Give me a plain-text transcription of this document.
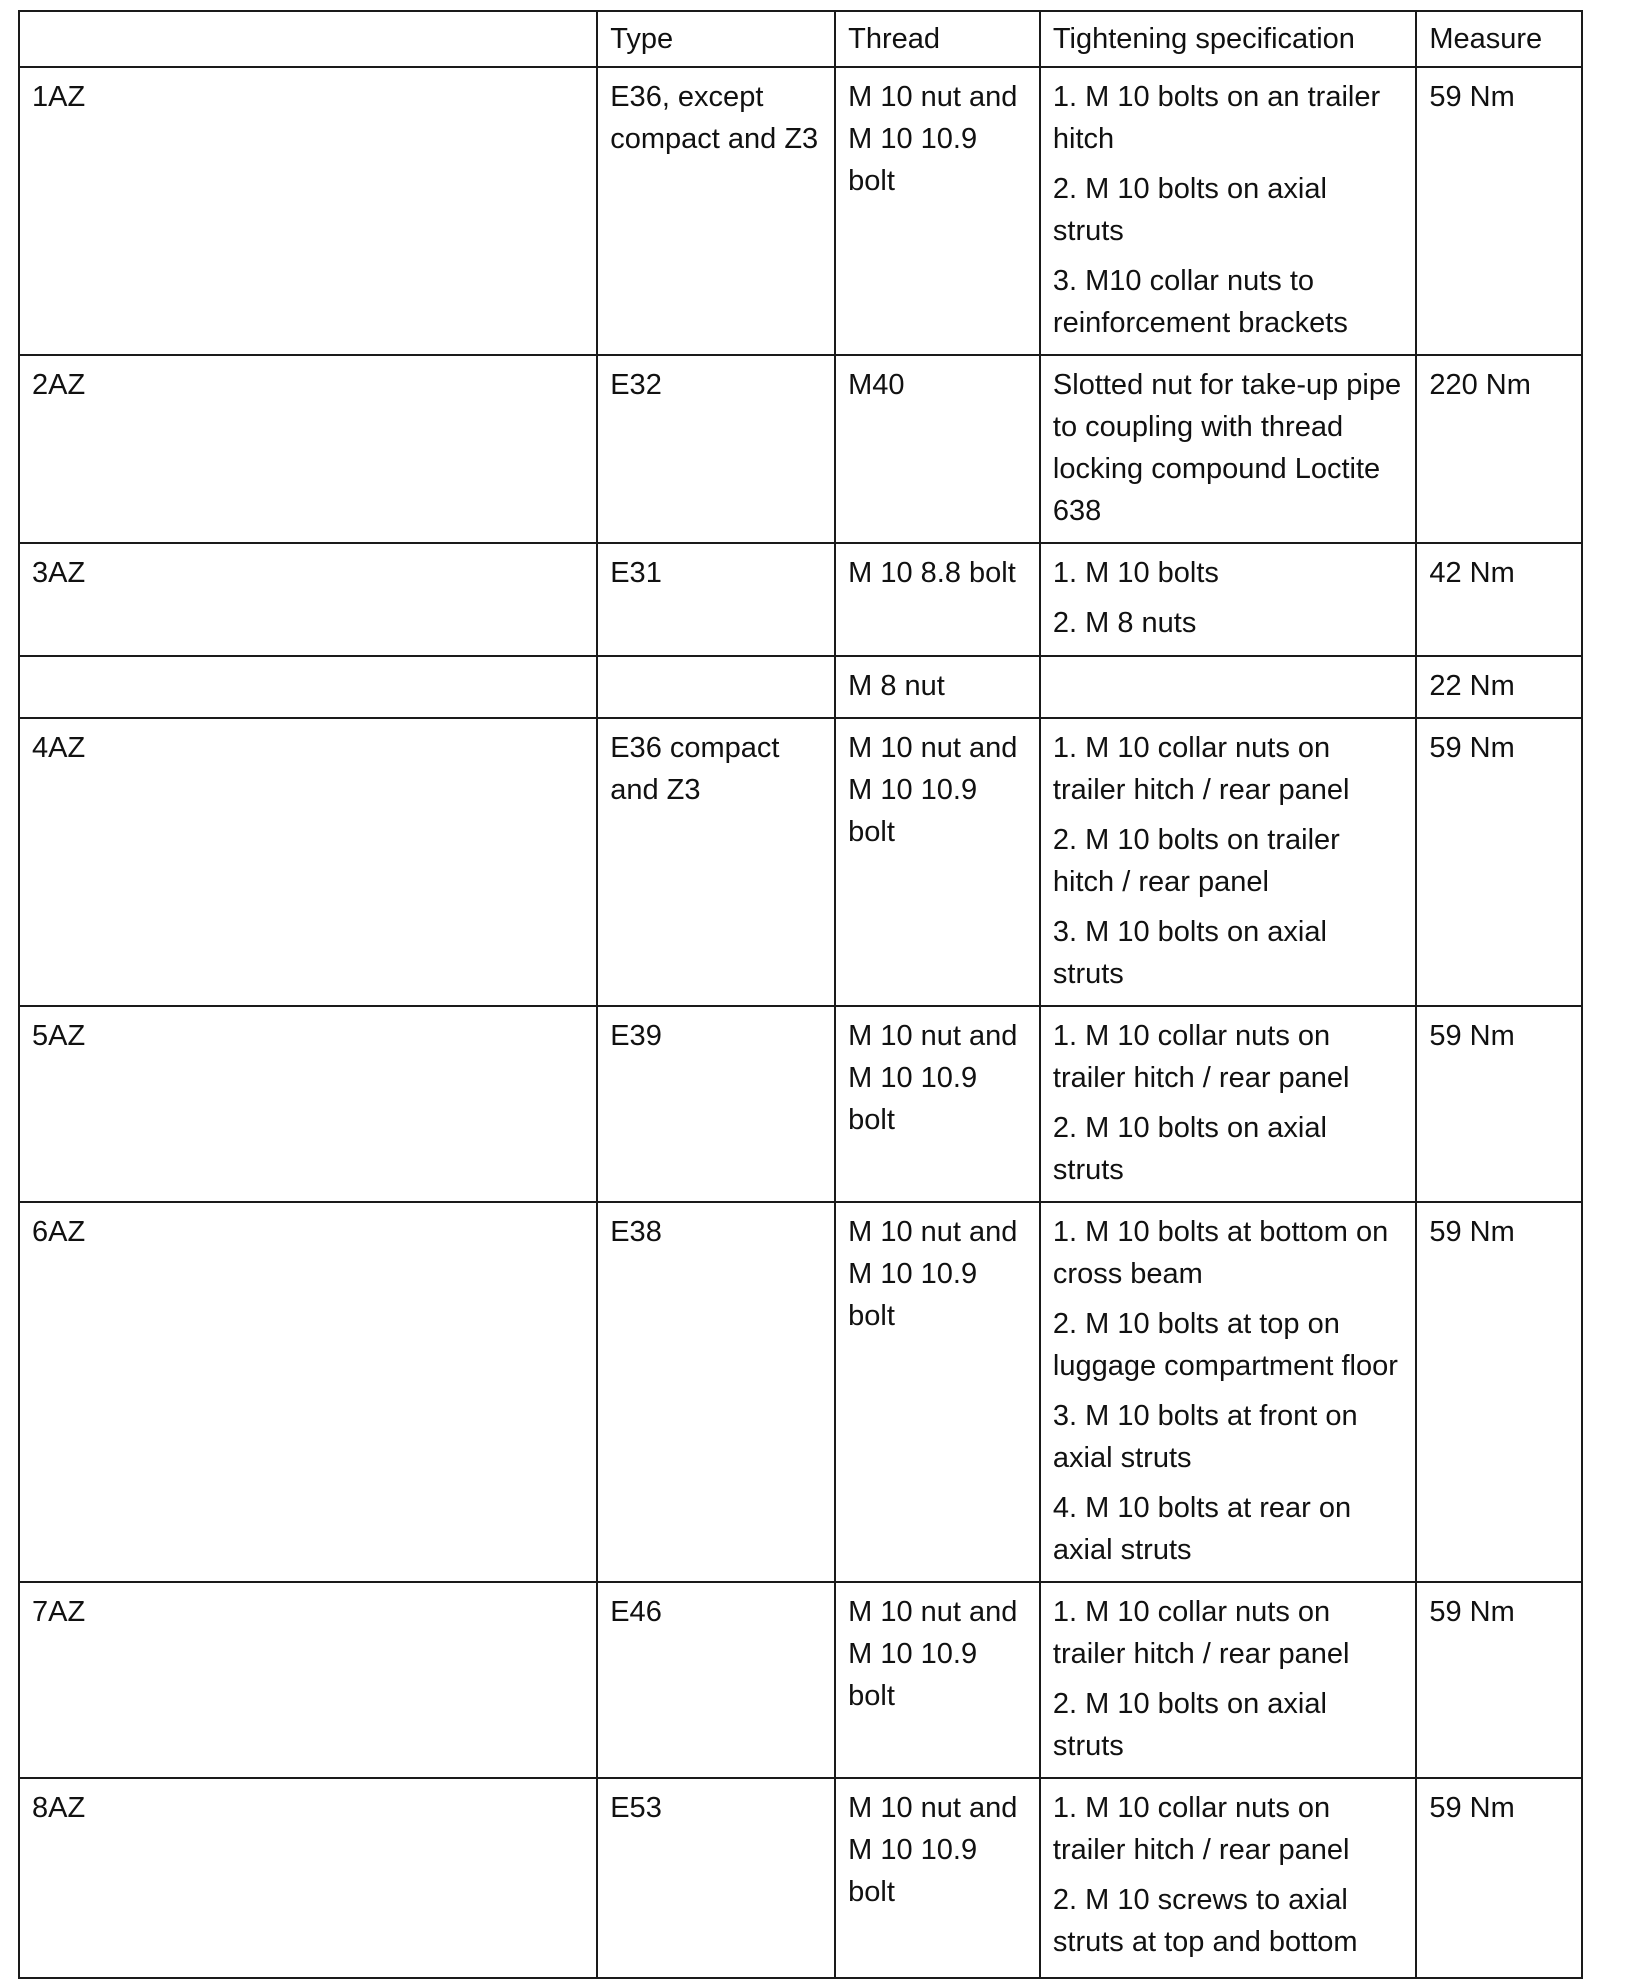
	Type	Thread	Tightening specification	Measure
1AZ	E36, except compact and Z3	M 10 nut and M 10 10.9 bolt	1. M 10 bolts on an trailer hitch
2. M 10 bolts on axial struts
3. M10 collar nuts to reinforcement brackets	59 Nm
2AZ	E32	M40	Slotted nut for take-up pipe to coupling with thread locking compound Loctite 638	220 Nm
3AZ	E31	M 10 8.8 bolt	1. M 10 bolts
2. M 8 nuts	42 Nm
		M 8 nut		22 Nm
4AZ	E36 compact and Z3	M 10 nut and M 10 10.9 bolt	1. M 10 collar nuts on trailer hitch / rear panel
2. M 10 bolts on trailer hitch / rear panel
3. M 10 bolts on axial struts	59 Nm
5AZ	E39	M 10 nut and M 10 10.9 bolt	1. M 10 collar nuts on trailer hitch / rear panel
2. M 10 bolts on axial struts	59 Nm
6AZ	E38	M 10 nut and M 10 10.9 bolt	1. M 10 bolts at bottom on cross beam
2. M 10 bolts at top on luggage compartment floor
3. M 10 bolts at front on axial struts
4. M 10 bolts at rear on axial struts	59 Nm
7AZ	E46	M 10 nut and M 10 10.9 bolt	1. M 10 collar nuts on trailer hitch / rear panel
2. M 10 bolts on axial struts	59 Nm
8AZ	E53	M 10 nut and M 10 10.9 bolt	1. M 10 collar nuts on trailer hitch / rear panel
2. M 10 screws to axial struts at top and bottom	59 Nm
